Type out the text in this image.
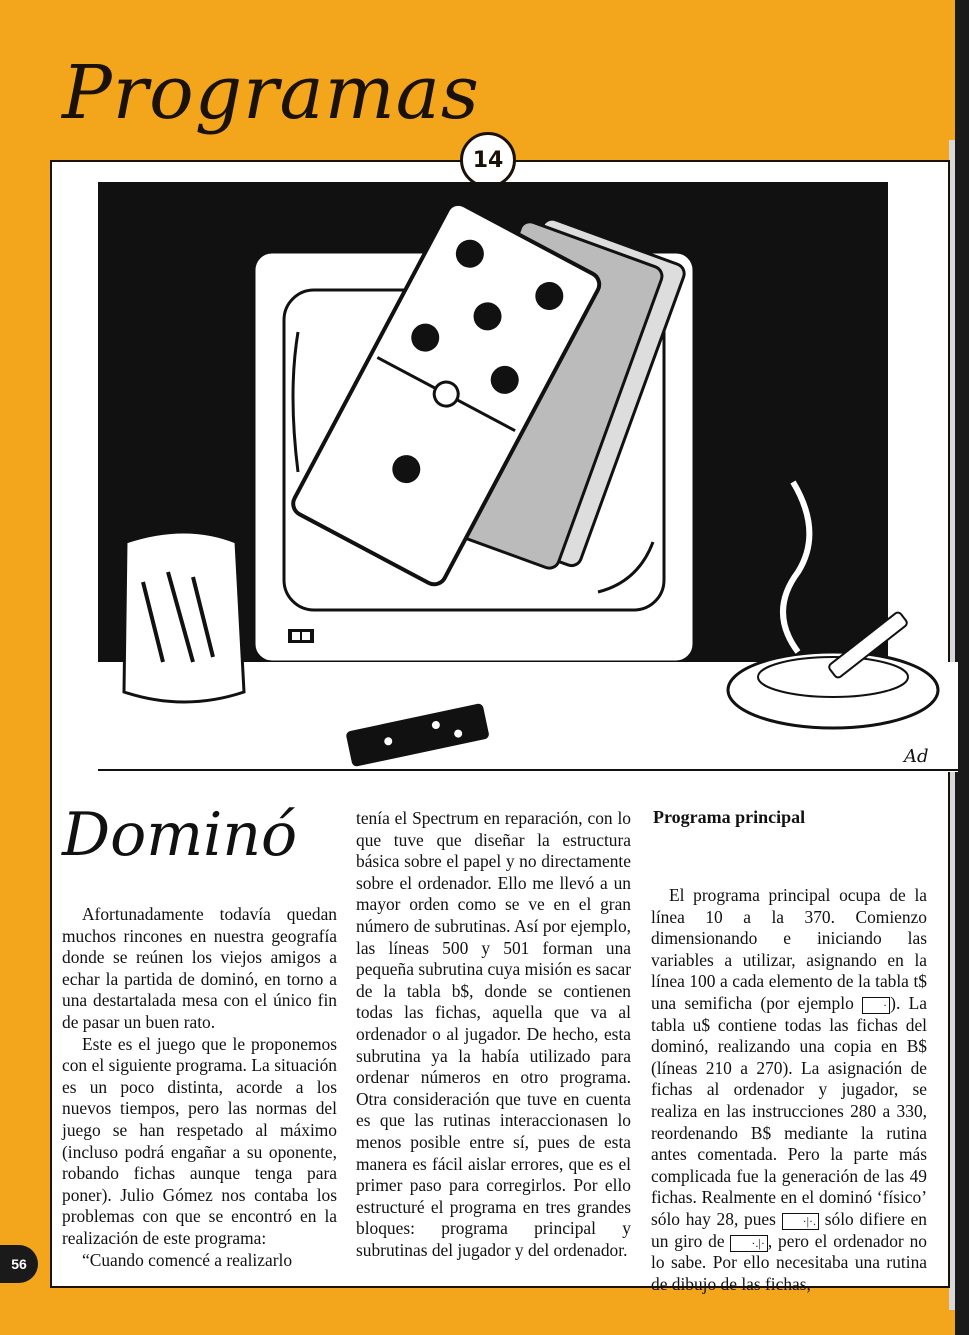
Programas
14
Ad
Dominó

Afortunadamente todavía quedan muchos rincones en nuestra geografía donde se reúnen los viejos amigos a echar la partida de dominó, en torno a una destartalada mesa con el único fin de pasar un buen rato.

Este es el juego que le proponemos con el siguiente programa. La situación es un poco distinta, acorde a los nuevos tiempos, pero las normas del juego se han respetado al máximo (incluso podrá engañar a su oponente, robando fichas aunque tenga para poner). Julio Gómez nos contaba los problemas con que se encontró en la realización de este programa:

“Cuando comencé a realizarlo

tenía el Spectrum en reparación, con lo que tuve que diseñar la estructura básica sobre el papel y no directamente sobre el ordenador. Ello me llevó a un mayor orden como se ve en el gran número de subrutinas. Así por ejemplo, las líneas 500 y 501 forman una pequeña subrutina cuya misión es sacar de la tabla b$, donde se contienen todas las fichas, aquella que va al ordenador o al jugador. De hecho, esta subrutina ya la había utilizado para ordenar números en otro programa. Otra consideración que tuve en cuenta es que las rutinas interaccionasen lo menos posible entre sí, pues de esta manera es fácil aislar errores, que es el primer paso para corregirlos. Por ello estructuré el programa en tres grandes bloques: programa principal y subrutinas del jugador y del ordenador.

Programa principal

El programa principal ocupa de la línea 10 a la 370. Comienzo dimensionando e iniciando las variables a utilizar, asignando en la línea 100 a cada elemento de la tabla t$ una semificha (por ejemplo · ). La tabla u$ contiene todas las fichas del dominó, realizando una copia en B$ (líneas 210 a 270). La asignación de fichas al ordenador y jugador, se realiza en las instrucciones 280 a 330, reordenando B$ mediante la rutina antes comentada. Pero la parte más complicada fue la generación de las 49 fichas. Realmente en el dominó ‘físico’ sólo hay 28, pues ·|·. sólo difiere en un giro de ·.|· , pero el ordenador no lo sabe. Por ello necesitaba una rutina de dibujo de las fichas,

56
